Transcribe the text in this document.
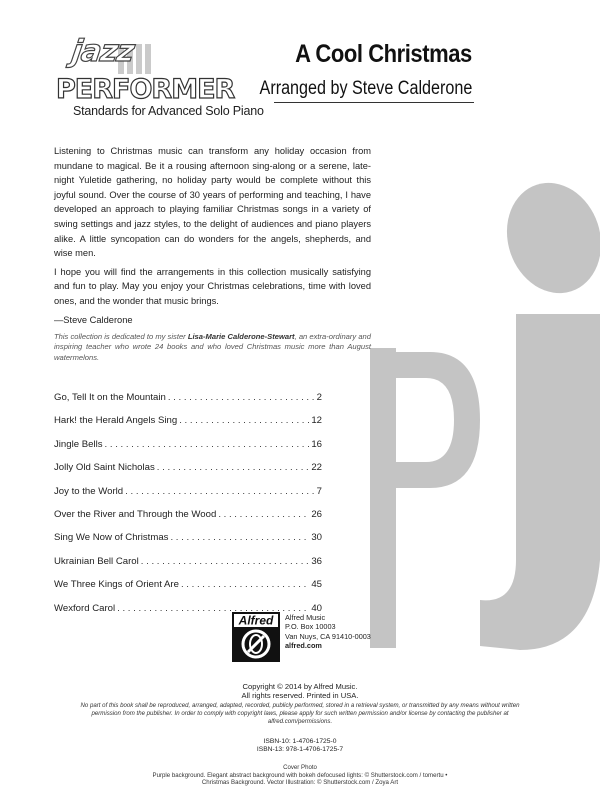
jazz
PERFORMER
Standards for Advanced Solo Piano
A Cool Christmas
Arranged by Steve Calderone

Listening to Christmas music can transform any holiday occasion from mundane to magical. Be it a rousing afternoon sing-along or a serene, late-night Yuletide gathering, no holiday party would be complete without this joyful sound. Over the course of 30 years of performing and teaching, I have developed an approach to playing familiar Christmas songs in a variety of swing settings and jazz styles, to the delight of audiences and piano players alike. A little syncopation can do wonders for the angels, shepherds, and wise men.

I hope you will find the arrangements in this collection musically satisfying and fun to play. May you enjoy your Christmas celebrations, time with loved ones, and the wonder that music brings.

—Steve Calderone

This collection is dedicated to my sister Lisa-Marie Calderone-Stewart, an extra-ordinary and inspiring teacher who wrote 24 books and who loved Christmas music more than August watermelons.

Go, Tell It on the Mountain . . .	2
Hark! the Herald Angels Sing . . .	12
Jingle Bells . . .	16
Jolly Old Saint Nicholas . . .	22
Joy to the World . . .	7
Over the River and Through the Wood . . .	26
Sing We Now of Christmas . . .	30
Ukrainian Bell Carol . . .	36
We Three Kings of Orient Are . . .	45
Wexford Carol . . .	40
Alfred Alfred Music
P.O. Box 10003
Van Nuys, CA 91410-0003
alfred.com
Copyright © 2014 by Alfred Music.
All rights reserved. Printed in USA.
No part of this book shall be reproduced, arranged, adapted, recorded, publicly performed, stored in a retrieval system, or transmitted by any means without written permission from the publisher. In order to comply with copyright laws, please apply for such written permission and/or license by contacting the publisher at alfred.com/permissions.
ISBN-10: 1-4706-1725-0
ISBN-13: 978-1-4706-1725-7
Cover Photo
Purple background. Elegant abstract background with bokeh defocused lights: © Shutterstock.com / tomertu •
Christmas Background. Vector Illustration: © Shutterstock.com / Zoya Art
